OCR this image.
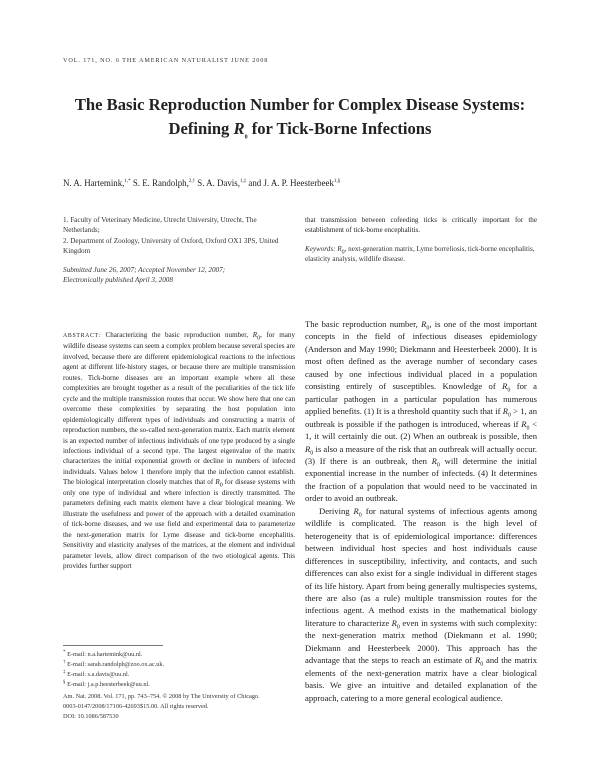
VOL. 171, NO. 6 THE AMERICAN NATURALIST JUNE 2008
The Basic Reproduction Number for Complex Disease Systems:
Defining $R_0$ for Tick-Borne Infections
N. A. Hartemink,$^{1,*}$ S. E. Randolph,$^{2,\dagger}$ S. A. Davis,$^{1,\ddagger}$ and J. A. P. Heesterbeek$^{1,\S}$

1. Faculty of Veterinary Medicine, Utrecht University, Utrecht, The Netherlands;

2. Department of Zoology, University of Oxford, Oxford OX1 3PS, United Kingdom

Submitted June 26, 2007; Accepted November 12, 2007;
Electronically published April 3, 2008
ABSTRACT: Characterizing the basic reproduction number, $R_0$, for many wildlife disease systems can seem a complex problem because several species are involved, because there are different epidemiological reactions to the infectious agent at different life-history stages, or because there are multiple transmission routes. Tick-borne diseases are an important example where all these complexities are brought together as a result of the peculiarities of the tick life cycle and the multiple transmission routes that occur. We show here that one can overcome these complexities by separating the host population into epidemiologically different types of individuals and constructing a matrix of reproduction numbers, the so-called next-generation matrix. Each matrix element is an expected number of infectious individuals of one type produced by a single infectious individual of a second type. The largest eigenvalue of the matrix characterizes the initial exponential growth or decline in numbers of infected individuals. Values below 1 therefore imply that the infection cannot establish. The biological interpretation closely matches that of $R_0$ for disease systems with only one type of individual and where infection is directly transmitted. The parameters defining each matrix element have a clear biological meaning. We illustrate the usefulness and power of the approach with a detailed examination of tick-borne diseases, and we use field and experimental data to parameterize the next-generation matrix for Lyme disease and tick-borne encephalitis. Sensitivity and elasticity analyses of the matrices, at the element and individual parameter levels, allow direct comparison of the two etiological agents. This provides further support
* E-mail: n.a.hartemink@uu.nl.
† E-mail: sarah.randolph@zoo.ox.ac.uk.
‡ E-mail: s.a.davis@uu.nl.
§ E-mail: j.a.p.heesterbeek@uu.nl.
Am. Nat. 2008. Vol. 171, pp. 743–754. © 2008 by The University of Chicago.
0003-0147/2008/17106-42693$15.00. All rights reserved.
DOI: 10.1086/587530

that transmission between cofeeding ticks is critically important for the establishment of tick-borne encephalitis.

Keywords: $R_0$, next-generation matrix, Lyme borreliosis, tick-borne encephalitis, elasticity analysis, wildlife disease.

The basic reproduction number, $R_0$, is one of the most important concepts in the field of infectious diseases epidemiology (Anderson and May 1990; Diekmann and Heesterbeek 2000). It is most often defined as the average number of secondary cases caused by one infectious individual placed in a population consisting entirely of susceptibles. Knowledge of $R_0$ for a particular pathogen in a particular population has numerous applied benefits. (1) It is a threshold quantity such that if $R_0 > 1$, an outbreak is possible if the pathogen is introduced, whereas if $R_0 < 1$, it will certainly die out. (2) When an outbreak is possible, then $R_0$ is also a measure of the risk that an outbreak will actually occur. (3) If there is an outbreak, then $R_0$ will determine the initial exponential increase in the number of infecteds. (4) It determines the fraction of a population that would need to be vaccinated in order to avoid an outbreak.

Deriving $R_0$ for natural systems of infectious agents among wildlife is complicated. The reason is the high level of heterogeneity that is of epidemiological importance: differences between individual host species and host individuals cause differences in susceptibility, infectivity, and contacts, and such differences can also exist for a single individual in different stages of its life history. Apart from being generally multispecies systems, there are also (as a rule) multiple transmission routes for the infectious agent. A method exists in the mathematical biology literature to characterize $R_0$ even in systems with such complexity: the next-generation matrix method (Diekmann et al. 1990; Diekmann and Heesterbeek 2000). This approach has the advantage that the steps to reach an estimate of $R_0$ and the matrix elements of the next-generation matrix have a clear biological basis. We give an intuitive and detailed explanation of the approach, catering to a more general ecological audience.
